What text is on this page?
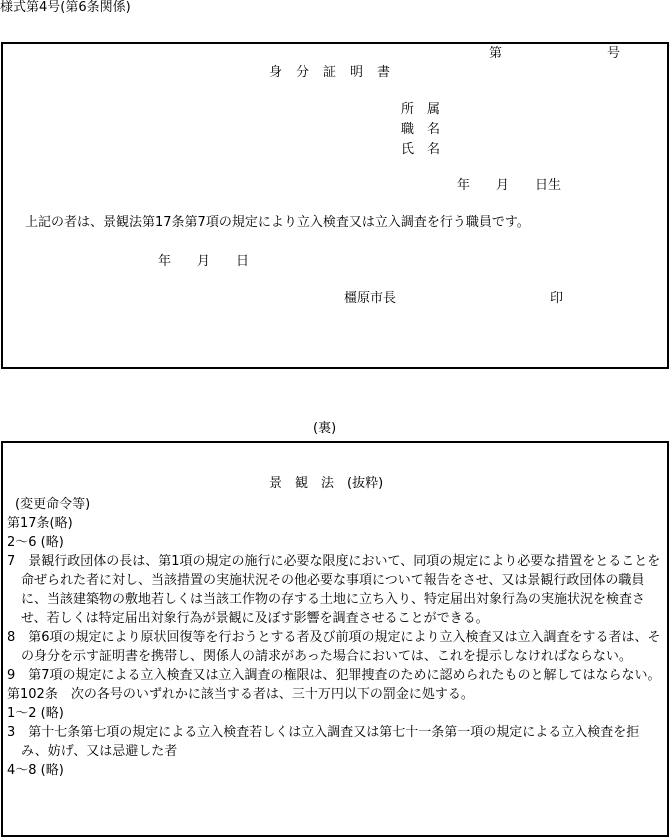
様式第4号(第6条関係)
第	号
身分証明書
所　属
職　名
氏　名
年　　月　　日生
上記の者は、景観法第17条第7項の規定により立入検査又は立入調査を行う職員です。
年　　月　　日
橿原市長	印
(裏)
景　観　法　(抜粋)

(変更命令等)

第17条(略)

2～6 (略)

7　景観行政団体の長は、第1項の規定の施行に必要な限度において、同項の規定により必要な措置をとることを命ぜられた者に対し、当該措置の実施状況その他必要な事項について報告をさせ、又は景観行政団体の職員に、当該建築物の敷地若しくは当該工作物の存する土地に立ち入り、特定届出対象行為の実施状況を検査させ、若しくは特定届出対象行為が景観に及ぼす影響を調査させることができる。

8　第6項の規定により原状回復等を行おうとする者及び前項の規定により立入検査又は立入調査をする者は、その身分を示す証明書を携帯し、関係人の請求があった場合においては、これを提示しなければならない。

9　第7項の規定による立入検査又は立入調査の権限は、犯罪捜査のために認められたものと解してはならない。

第102条　次の各号のいずれかに該当する者は、三十万円以下の罰金に処する。

1～2 (略)

3　第十七条第七項の規定による立入検査若しくは立入調査又は第七十一条第一項の規定による立入検査を拒み、妨げ、又は忌避した者

4～8 (略)
